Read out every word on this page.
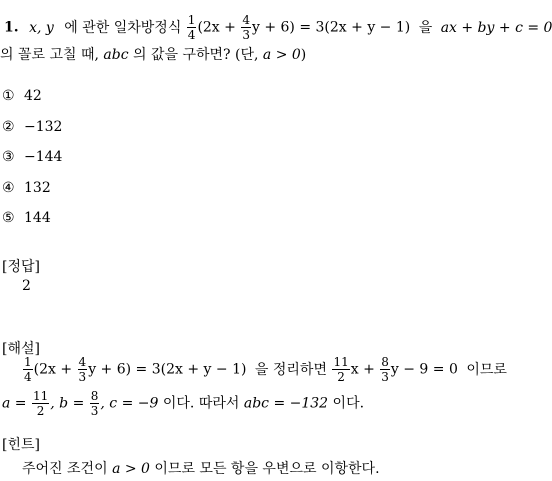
1. x, y 에 관한 일차방정식 $\frac{1}{4} (2x + \frac{4}{3}$ y + 6) = 3(2x + y − 1) 을 ax + by + c = 0
의 꼴로 고칠 때, abc 의 값을 구하면? (단, a > 0)
① 42
② −132
③ −144
④ 132
⑤ 144
[정답]
2
[해설]
$\frac{1}{4} (2x + \frac{4}{3}$ y + 6) = 3(2x + y − 1) 을 정리하면 $\frac{11}{2}$ $x + \frac{8}{3}$ y − 9 = 0 이므로
$a = \frac{11}{2}$ , $b = \frac{8}{3}$ , c = −9 이다. 따라서 abc = −132 이다.
[힌트]
주어진 조건이 a > 0 이므로 모든 항을 우변으로 이항한다.
